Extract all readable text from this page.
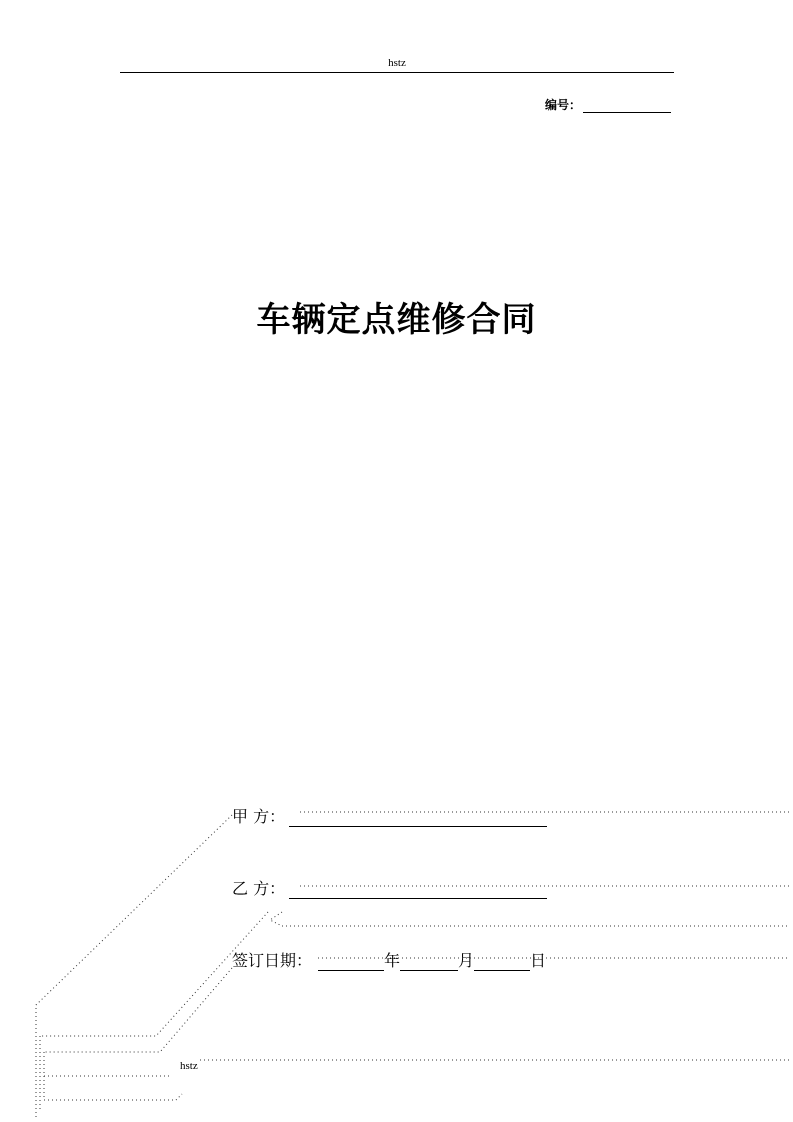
hstz
编号：
车辆定点维修合同
甲 方：
乙 方：
签订日期：	年	月	日
hstz
